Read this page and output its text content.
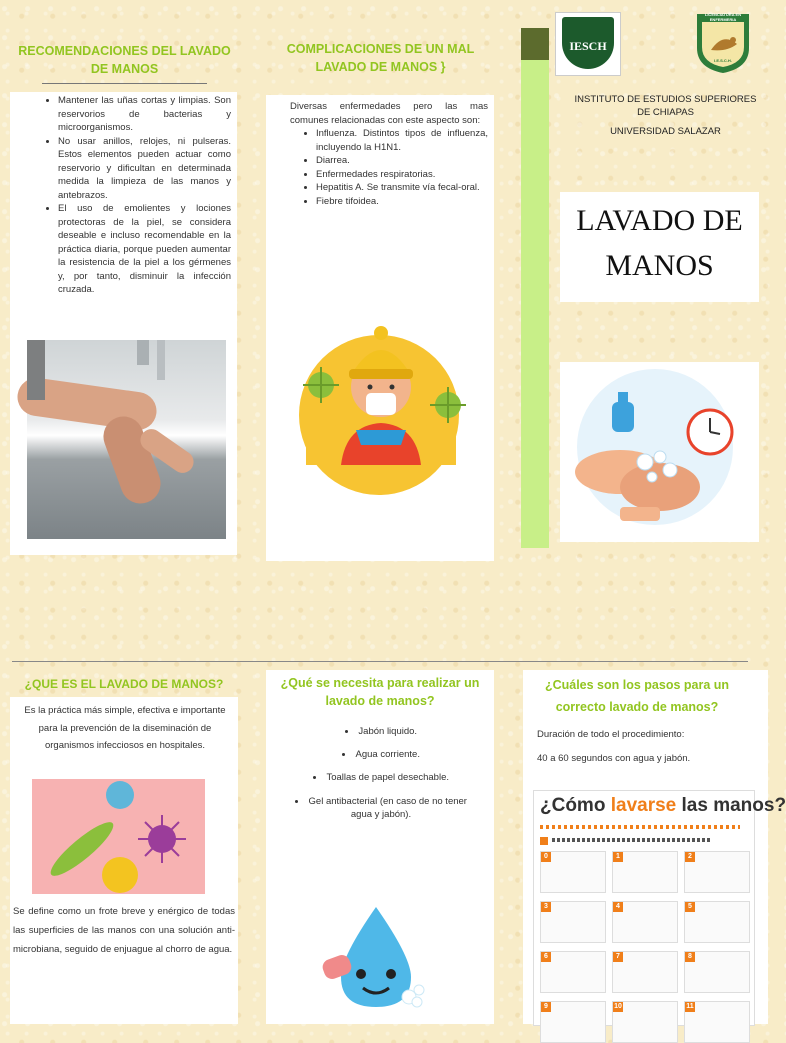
RECOMENDACIONES DEL LAVADO DE MANOS
• Mantener las uñas cortas y limpias. Son reservorios de bacterias y microorganismos.
• No usar anillos, relojes, ni pulseras. Estos elementos pueden actuar como reservorio y dificultan en determinada medida la limpieza de las manos y antebrazos.
• El uso de emolientes y lociones protectoras de la piel, se considera deseable e incluso recomendable en la práctica diaria, porque pueden aumentar la resistencia de la piel a los gérmenes y, por tanto, disminuir la infección cruzada.
COMPLICACIONES DE UN MAL LAVADO DE MANOS }
Diversas enfermedades pero las mas comunes relacionadas con este aspecto son:
• Influenza. Distintos tipos de influenza, incluyendo la H1N1.
• Diarrea.
• Enfermedades respiratorias.
• Hepatitis A. Se transmite vía fecal-oral.
• Fiebre tifoidea.
IESCH
LICENCIATURA EN ENFERMERIA
I.E.S.C.H.
INSTITUTO DE ESTUDIOS SUPERIORES DE CHIAPAS
UNIVERSIDAD SALAZAR
LAVADO DE MANOS
¿QUE ES EL LAVADO DE MANOS?
Es la práctica más simple, efectiva e importante para la prevención de la diseminación de organismos infecciosos en hospitales.
Se define como un frote breve y enérgico de todas las superficies de las manos con una solución anti-microbiana, seguido de enjuague al chorro de agua.
¿Qué se necesita para realizar un lavado de manos?
• Jabón liquido.
• Agua corriente.
• Toallas de papel desechable.
• Gel antibacterial (en caso de no tener agua y jabón).
¿Cuáles son los pasos para un correcto lavado de manos?
Duración de todo el procedimiento:
40 a 60 segundos con agua y jabón.
¿Cómo lavarse las manos?
0	1	2
3	4	5
6	7	8
9	10	11
